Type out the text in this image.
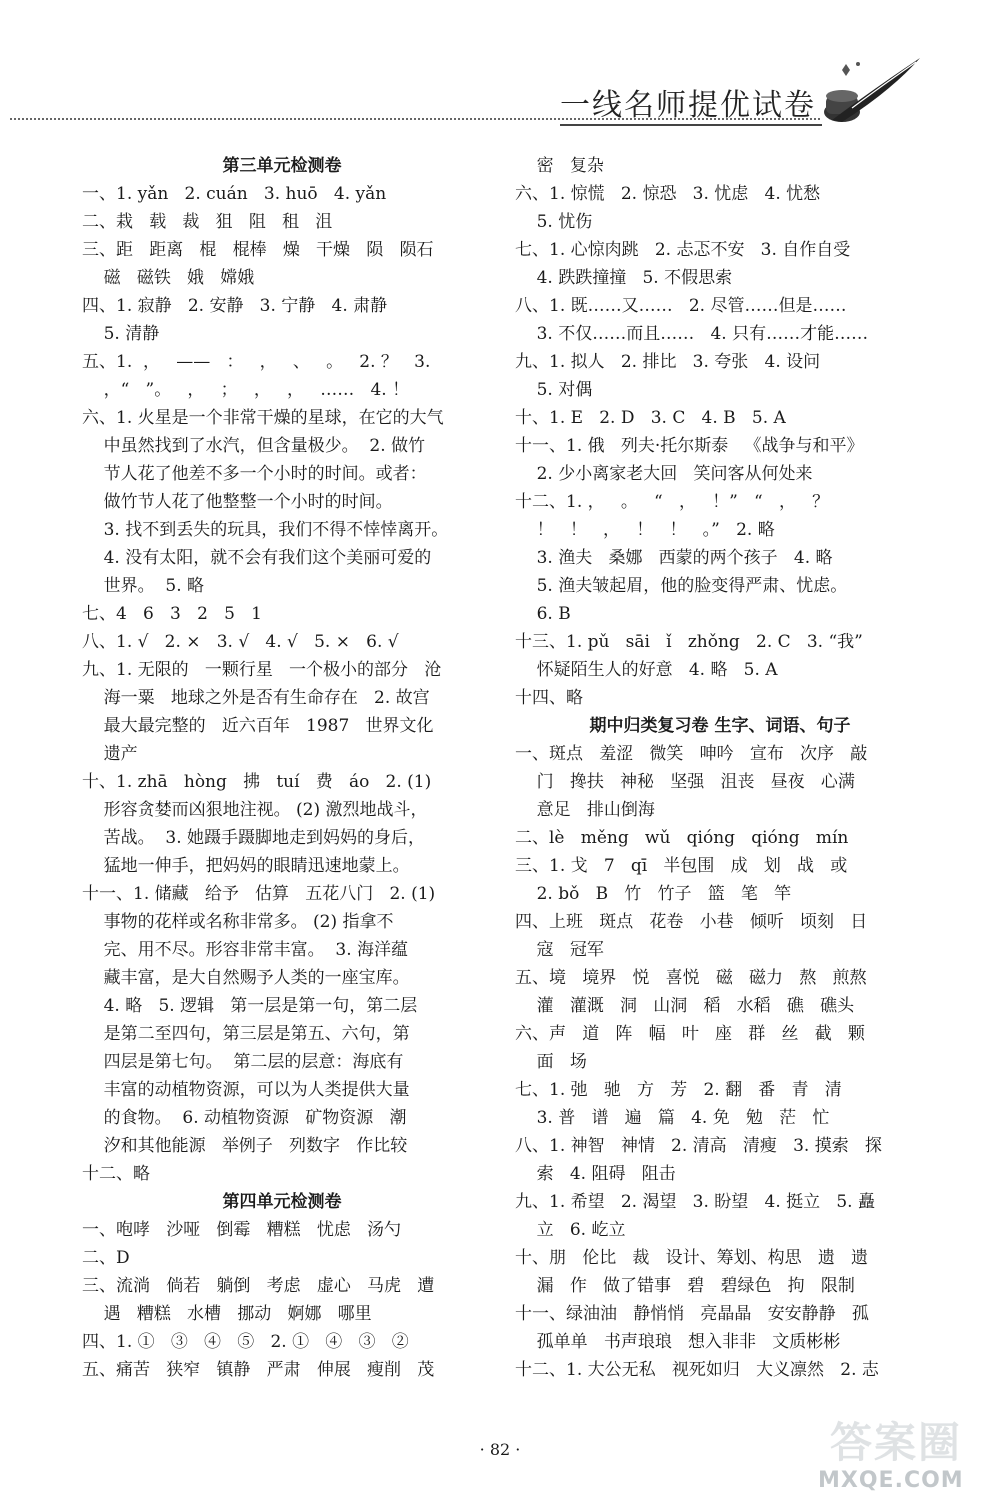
一线名师提优试卷
第三单元检测卷
一、1. yǎn   2. cuán   3. huō   4. yǎn
二、栽   载   裁   狙   阻   租   沮
三、距   距离   棍   棍棒   燥   干燥   陨   陨石
磁   磁铁   娥   嫦娥
四、1. 寂静   2. 安静   3. 宁静   4. 肃静
5. 清静
五、1.  ，   ——   ：   ，   、   。   2. ？   3.
，“   ”。   ，   ；   ，   ，   ……   4. ！
六、1. 火星是一个非常干燥的星球，在它的大气
中虽然找到了水汽，但含量极少。  2. 做竹
节人花了他差不多一个小时的时间。或者：
做竹节人花了他整整一个小时的时间。
3. 找不到丢失的玩具，我们不得不悻悻离开。
4. 没有太阳，就不会有我们这个美丽可爱的
世界。  5. 略
七、4   6   3   2   5   1
八、1. √   2. ×   3. √   4. √   5. ×   6. √
九、1. 无限的   一颗行星   一个极小的部分   沧
海一粟   地球之外是否有生命存在   2. 故宫
最大最完整的   近六百年   1987   世界文化
遗产
十、1. zhā   hòng   拂   tuí   费   áo   2. (1)
形容贪婪而凶狠地注视。 (2) 激烈地战斗，
苦战。  3. 她蹑手蹑脚地走到妈妈的身后，
猛地一伸手，把妈妈的眼睛迅速地蒙上。
十一、1. 储藏   给予   估算   五花八门   2. (1)
事物的花样或名称非常多。 (2) 指拿不
完、用不尽。形容非常丰富。  3. 海洋蕴
藏丰富，是大自然赐予人类的一座宝库。
4. 略   5. 逻辑   第一层是第一句，第二层
是第二至四句，第三层是第五、六句，第
四层是第七句。  第二层的层意：海底有
丰富的动植物资源，可以为人类提供大量
的食物。  6. 动植物资源   矿物资源   潮
汐和其他能源   举例子   列数字   作比较
十二、略
第四单元检测卷
一、咆哮   沙哑   倒霉   糟糕   忧虑   汤勺
二、D
三、流淌   倘若   躺倒   考虑   虚心   马虎   遭
遇   糟糕   水槽   挪动   婀娜   哪里
四、1. ①   ③   ④   ⑤   2. ①   ④   ③   ②
五、痛苦   狭窄   镇静   严肃   伸展   瘦削   茂
密   复杂
六、1. 惊慌   2. 惊恐   3. 忧虑   4. 忧愁
5. 忧伤
七、1. 心惊肉跳   2. 忐忑不安   3. 自作自受
4. 跌跌撞撞   5. 不假思索
八、1. 既……又……   2. 尽管……但是……
3. 不仅……而且……   4. 只有……才能……
九、1. 拟人   2. 排比   3. 夸张   4. 设问
5. 对偶
十、1. E   2. D   3. C   4. B   5. A
十一、1. 俄   列夫·托尔斯泰   《战争与和平》
2. 少小离家老大回   笑问客从何处来
十二、1. ，   。   “   ，   ！”   “   ，   ？
！   ！   ，   ！   ！   。”   2. 略
3. 渔夫   桑娜   西蒙的两个孩子   4. 略
5. 渔夫皱起眉，他的脸变得严肃、忧虑。
6. B
十三、1. pǔ   sāi   ǐ   zhǒng   2. C   3. “我”
怀疑陌生人的好意   4. 略   5. A
十四、略
期中归类复习卷 生字、词语、句子
一、斑点   羞涩   微笑   呻吟   宣布   次序   敲
门   搀扶   神秘   坚强   沮丧   昼夜   心满
意足   排山倒海
二、lè   měng   wǔ   qióng   qióng   mín
三、1. 戈   7   qī   半包围   成   划   战   或
2. bǒ   B   竹   竹子   篮   笔   竿
四、上班   斑点   花卷   小巷   倾听   顷刻   日
寇   冠军
五、境   境界   悦   喜悦   磁   磁力   熬   煎熬
灌   灌溉   洞   山洞   稻   水稻   礁   礁头
六、声   道   阵   幅   叶   座   群   丝   截   颗
面   场
七、1. 弛   驰   方   芳   2. 翻   番   青   清
3. 普   谱   遍   篇   4. 免   勉   茫   忙
八、1. 神智   神情   2. 清高   清瘦   3. 摸索   探
索   4. 阻碍   阻击
九、1. 希望   2. 渴望   3. 盼望   4. 挺立   5. 矗
立   6. 屹立
十、朋   伦比   裁   设计、筹划、构思   遗   遗
漏   作   做了错事   碧   碧绿色   拘   限制
十一、绿油油   静悄悄   亮晶晶   安安静静   孤
孤单单   书声琅琅   想入非非   文质彬彬
十二、1. 大公无私   视死如归   大义凛然   2. 志
· 82 ·	答案圈
MXQE.COM
